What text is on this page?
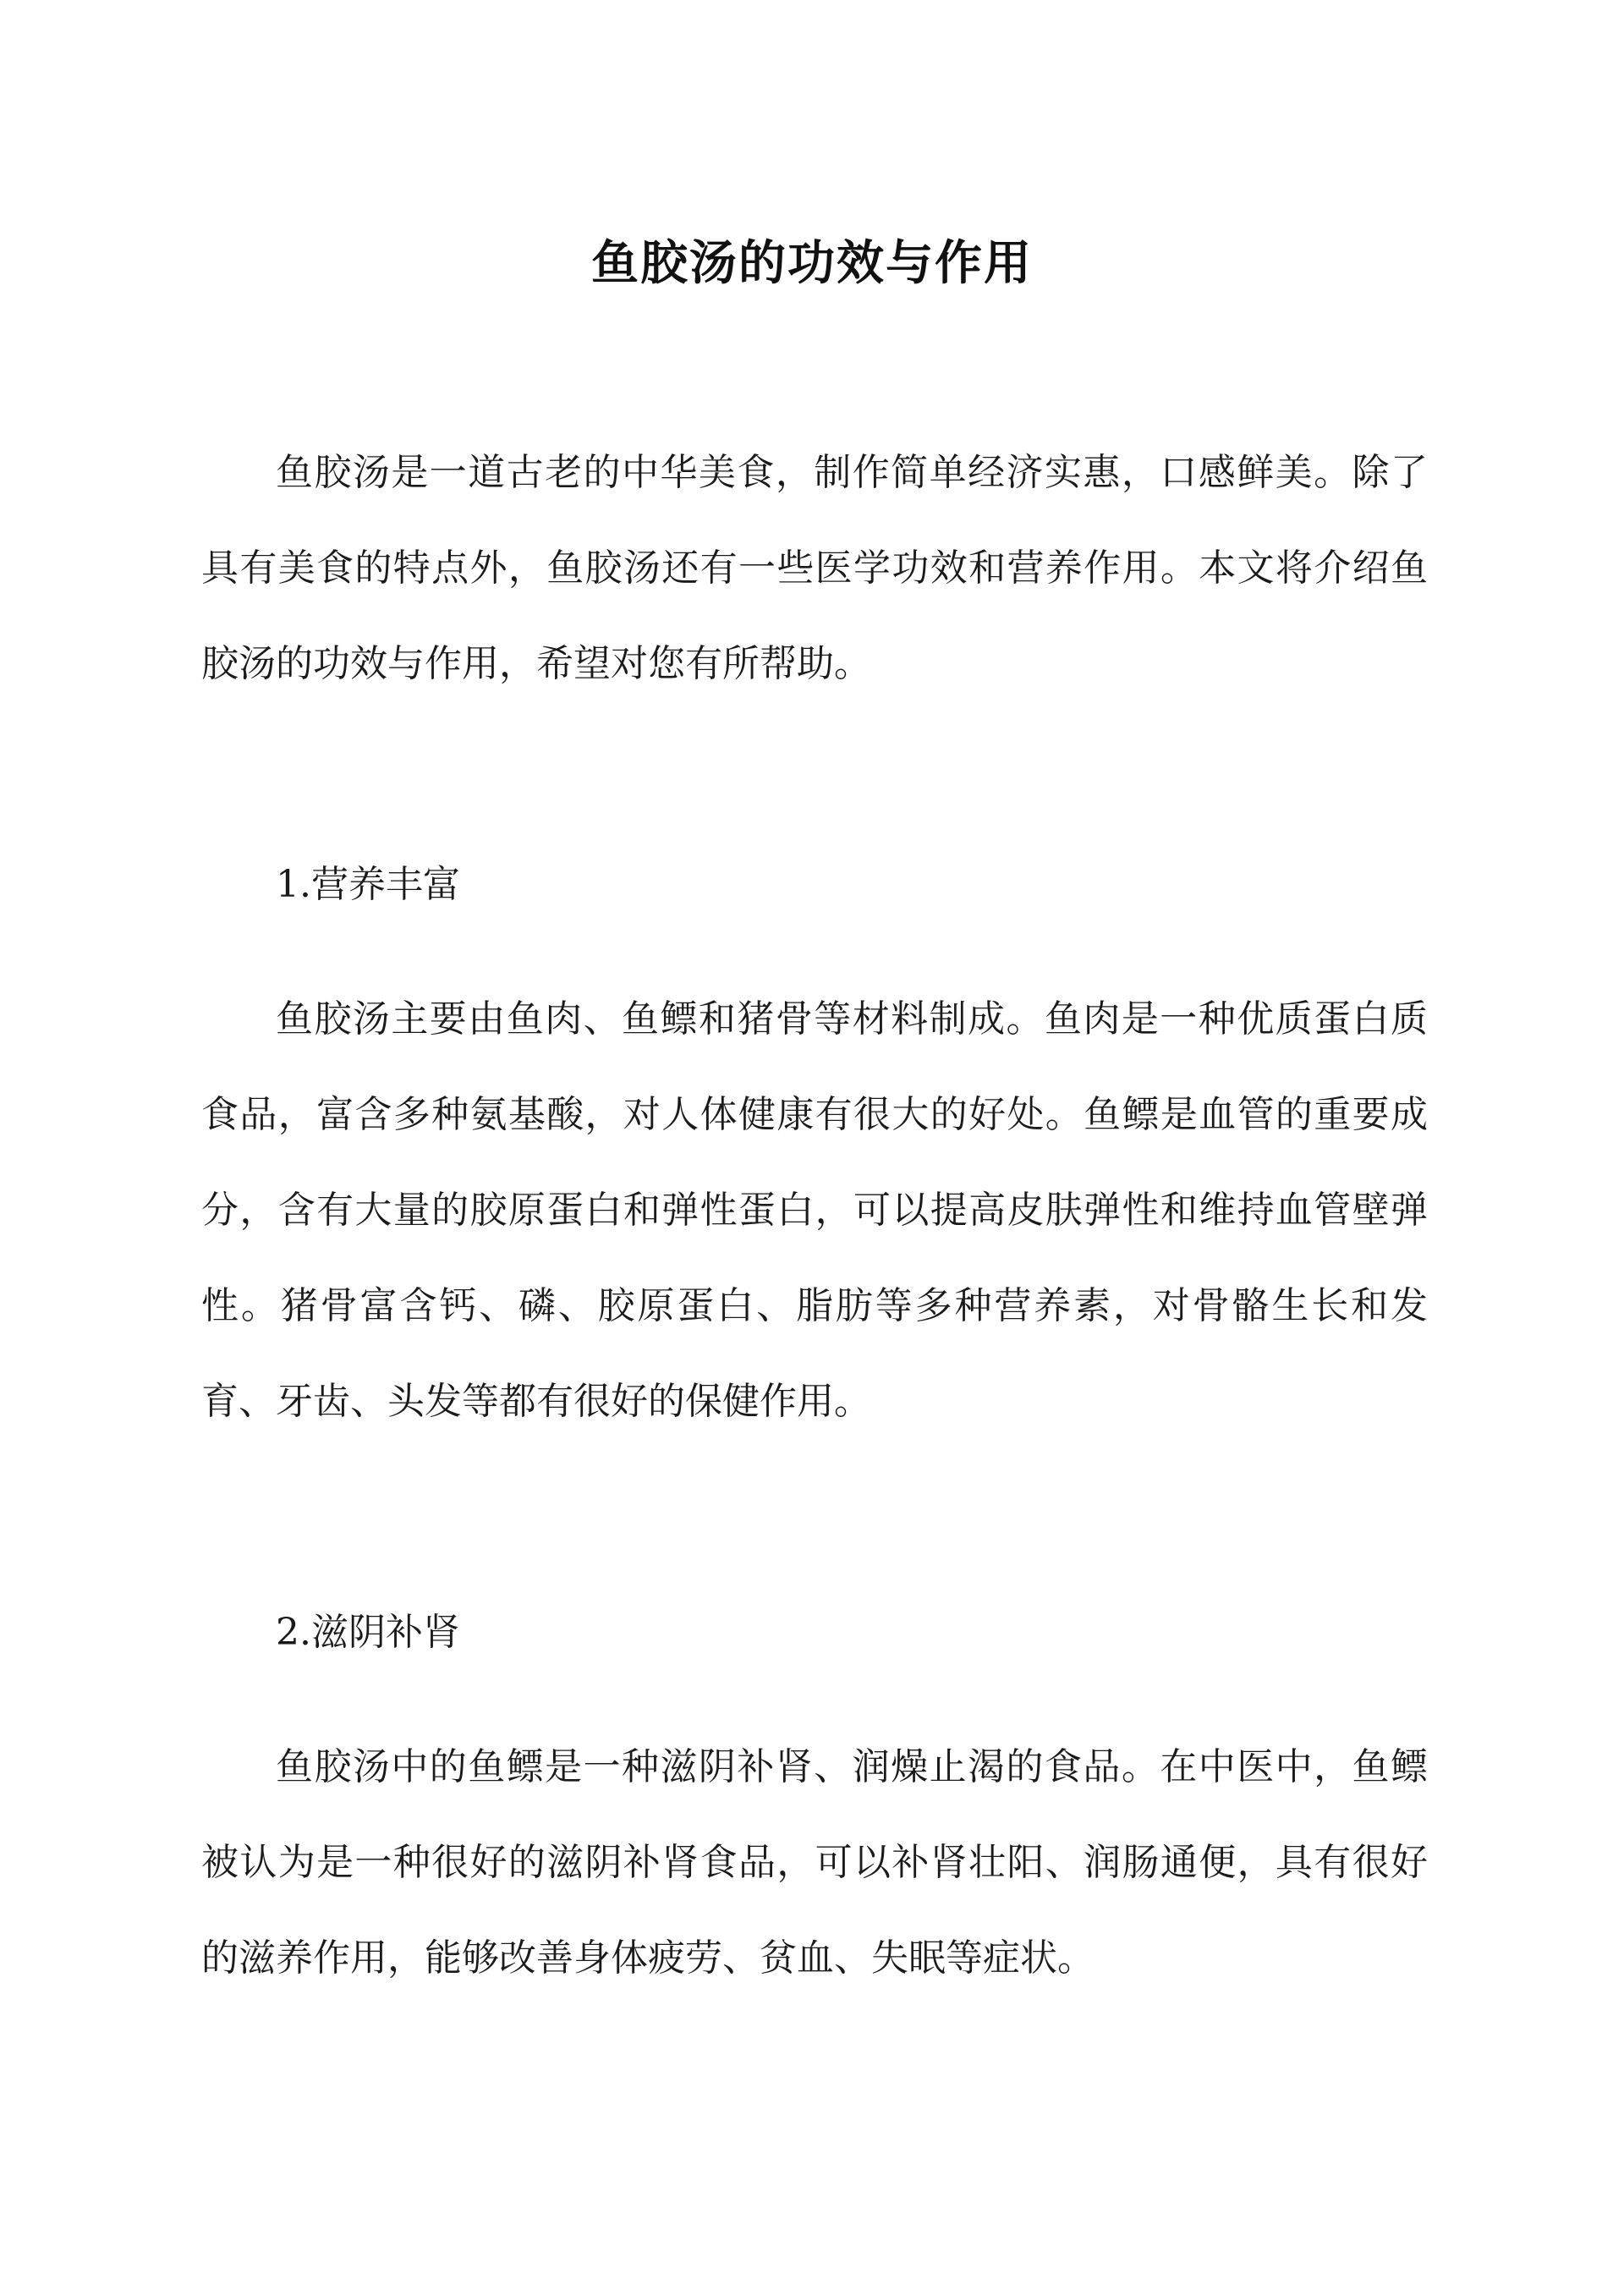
鱼胶汤的功效与作用

鱼胶汤是一道古老的中华美食，制作简单经济实惠，口感鲜美。除了具有美食的特点外，鱼胶汤还有一些医学功效和营养作用。本文将介绍鱼胶汤的功效与作用，希望对您有所帮助。

1.营养丰富

鱼胶汤主要由鱼肉、鱼鳔和猪骨等材料制成。鱼肉是一种优质蛋白质食品，富含多种氨基酸，对人体健康有很大的好处。鱼鳔是血管的重要成分，含有大量的胶原蛋白和弹性蛋白，可以提高皮肤弹性和维持血管壁弹性。猪骨富含钙、磷、胶原蛋白、脂肪等多种营养素，对骨骼生长和发育、牙齿、头发等都有很好的保健作用。

2.滋阴补肾

鱼胶汤中的鱼鳔是一种滋阴补肾、润燥止渴的食品。在中医中，鱼鳔被认为是一种很好的滋阴补肾食品，可以补肾壮阳、润肠通便，具有很好的滋养作用，能够改善身体疲劳、贫血、失眠等症状。
